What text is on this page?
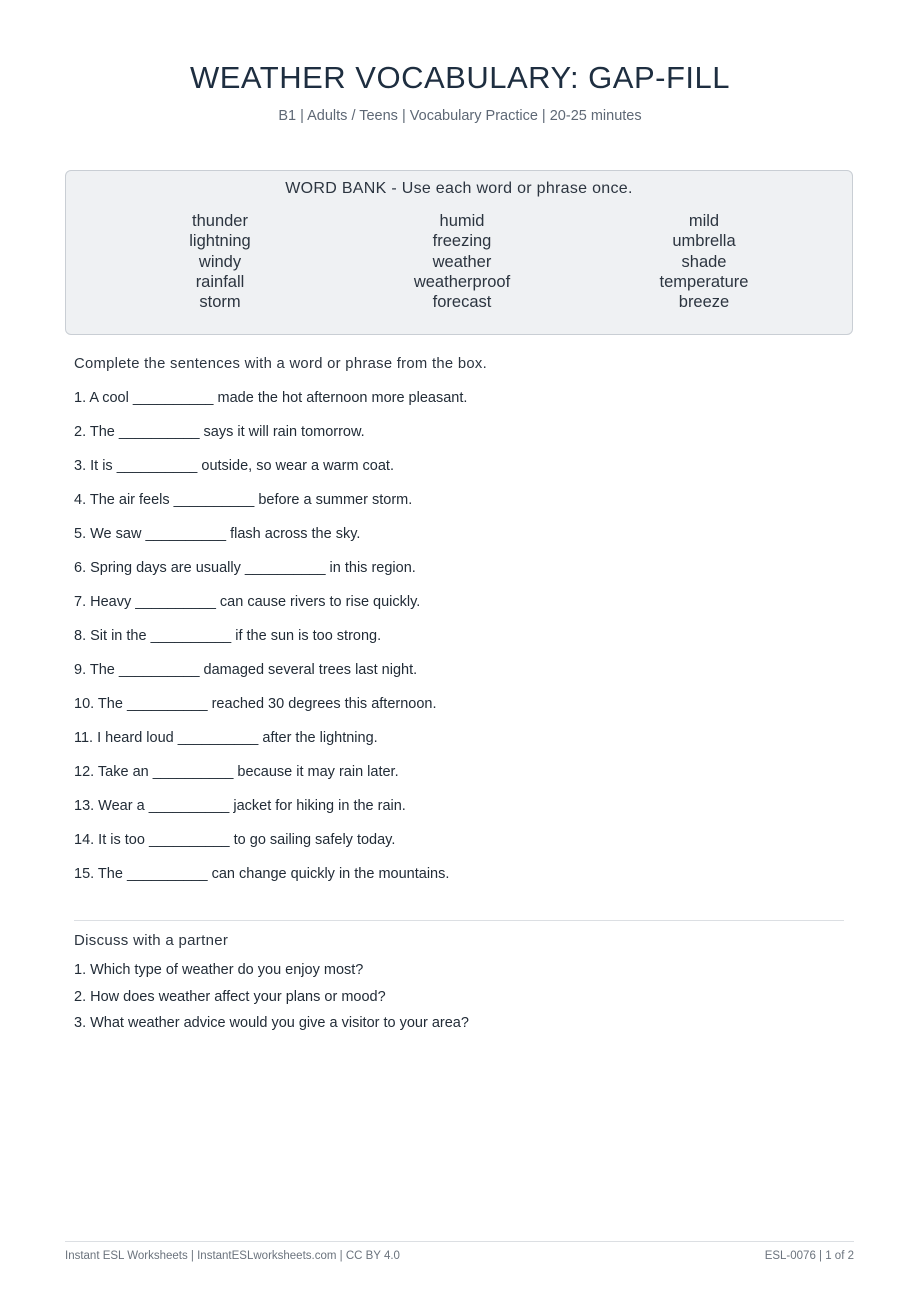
WEATHER VOCABULARY: GAP-FILL
B1 | Adults / Teens | Vocabulary Practice | 20-25 minutes
WORD BANK - Use each word or phrase once.
thunder
lightning
windy
rainfall
storm
humid
freezing
weather
weatherproof
forecast
mild
umbrella
shade
temperature
breeze
Complete the sentences with a word or phrase from the box.
1. A cool __________ made the hot afternoon more pleasant.
2. The __________ says it will rain tomorrow.
3. It is __________ outside, so wear a warm coat.
4. The air feels __________ before a summer storm.
5. We saw __________ flash across the sky.
6. Spring days are usually __________ in this region.
7. Heavy __________ can cause rivers to rise quickly.
8. Sit in the __________ if the sun is too strong.
9. The __________ damaged several trees last night.
10. The __________ reached 30 degrees this afternoon.
11. I heard loud __________ after the lightning.
12. Take an __________ because it may rain later.
13. Wear a __________ jacket for hiking in the rain.
14. It is too __________ to go sailing safely today.
15. The __________ can change quickly in the mountains.
Discuss with a partner
1. Which type of weather do you enjoy most?
2. How does weather affect your plans or mood?
3. What weather advice would you give a visitor to your area?
Instant ESL Worksheets | InstantESLworksheets.com | CC BY 4.0	ESL-0076 | 1 of 2
